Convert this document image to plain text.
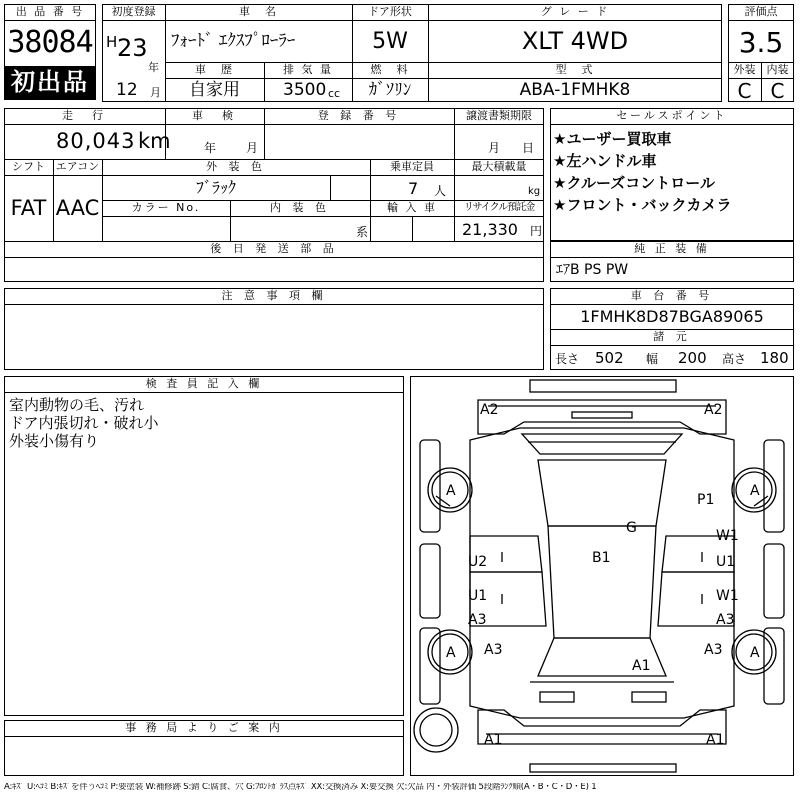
出 品 番 号
38084
初出品
初度登録
H 23
年
12 月
車　名
ﾌｫｰﾄﾞ ｴｸｽﾌﾟﾛｰﾗｰ
ドア形状
5W
グ レ ー ド
XLT 4WD
車　歴
自家用
排 気 量
3500 cc
燃　料
ｶﾞｿﾘﾝ
型　式
ABA-1FMHK8
評価点
3.5
外装	内装
C C
走　行
80,043 km
車　検
年 月
登 録 番 号	譲渡書類期限
月 日
シフト
FAT
エアコン
AAC
外 装 色
ﾌﾞﾗｯｸ
乗車定員
7 人
最大積載量
kg
カラー No.	内 装 色
系
輸 入 車	リサイクル預託金
21,330 円
後 日 発 送 部 品
セールスポイント
★ユーザー買取車
★左ハンドル車
★クルーズコントロール
★フロント・バックカメラ
純 正 装 備
ｴｱB PS PW
注 意 事 項 欄	車 台 番 号
1FMHK8D87BGA89065
諸 元
長さ 502 幅 200 高さ 180
検 査 員 記 入 欄
室内動物の毛、汚れ
ドア内張切れ・破れ小
外装小傷有り
事 務 局 よ り ご 案 内
A2	A2
A	A
P1
G	W1
U2	B1	U1
U1	W1
A3	A3
A A3	A3 A
A1
A1	A1
A:ｷｽﾞ U:ﾍｺﾐ B:ｷｽﾞを伴うﾍｺﾐ P:要塗装 W:補修跡 S:錆 C:腐食、穴 G:ﾌﾛﾝﾄｶﾞﾗｽ点ｷｽﾞ XX:交換済み X:要交換 欠:欠品 内・外装評価 5段階ﾗﾝｸ順(A・B・C・D・E) 1
